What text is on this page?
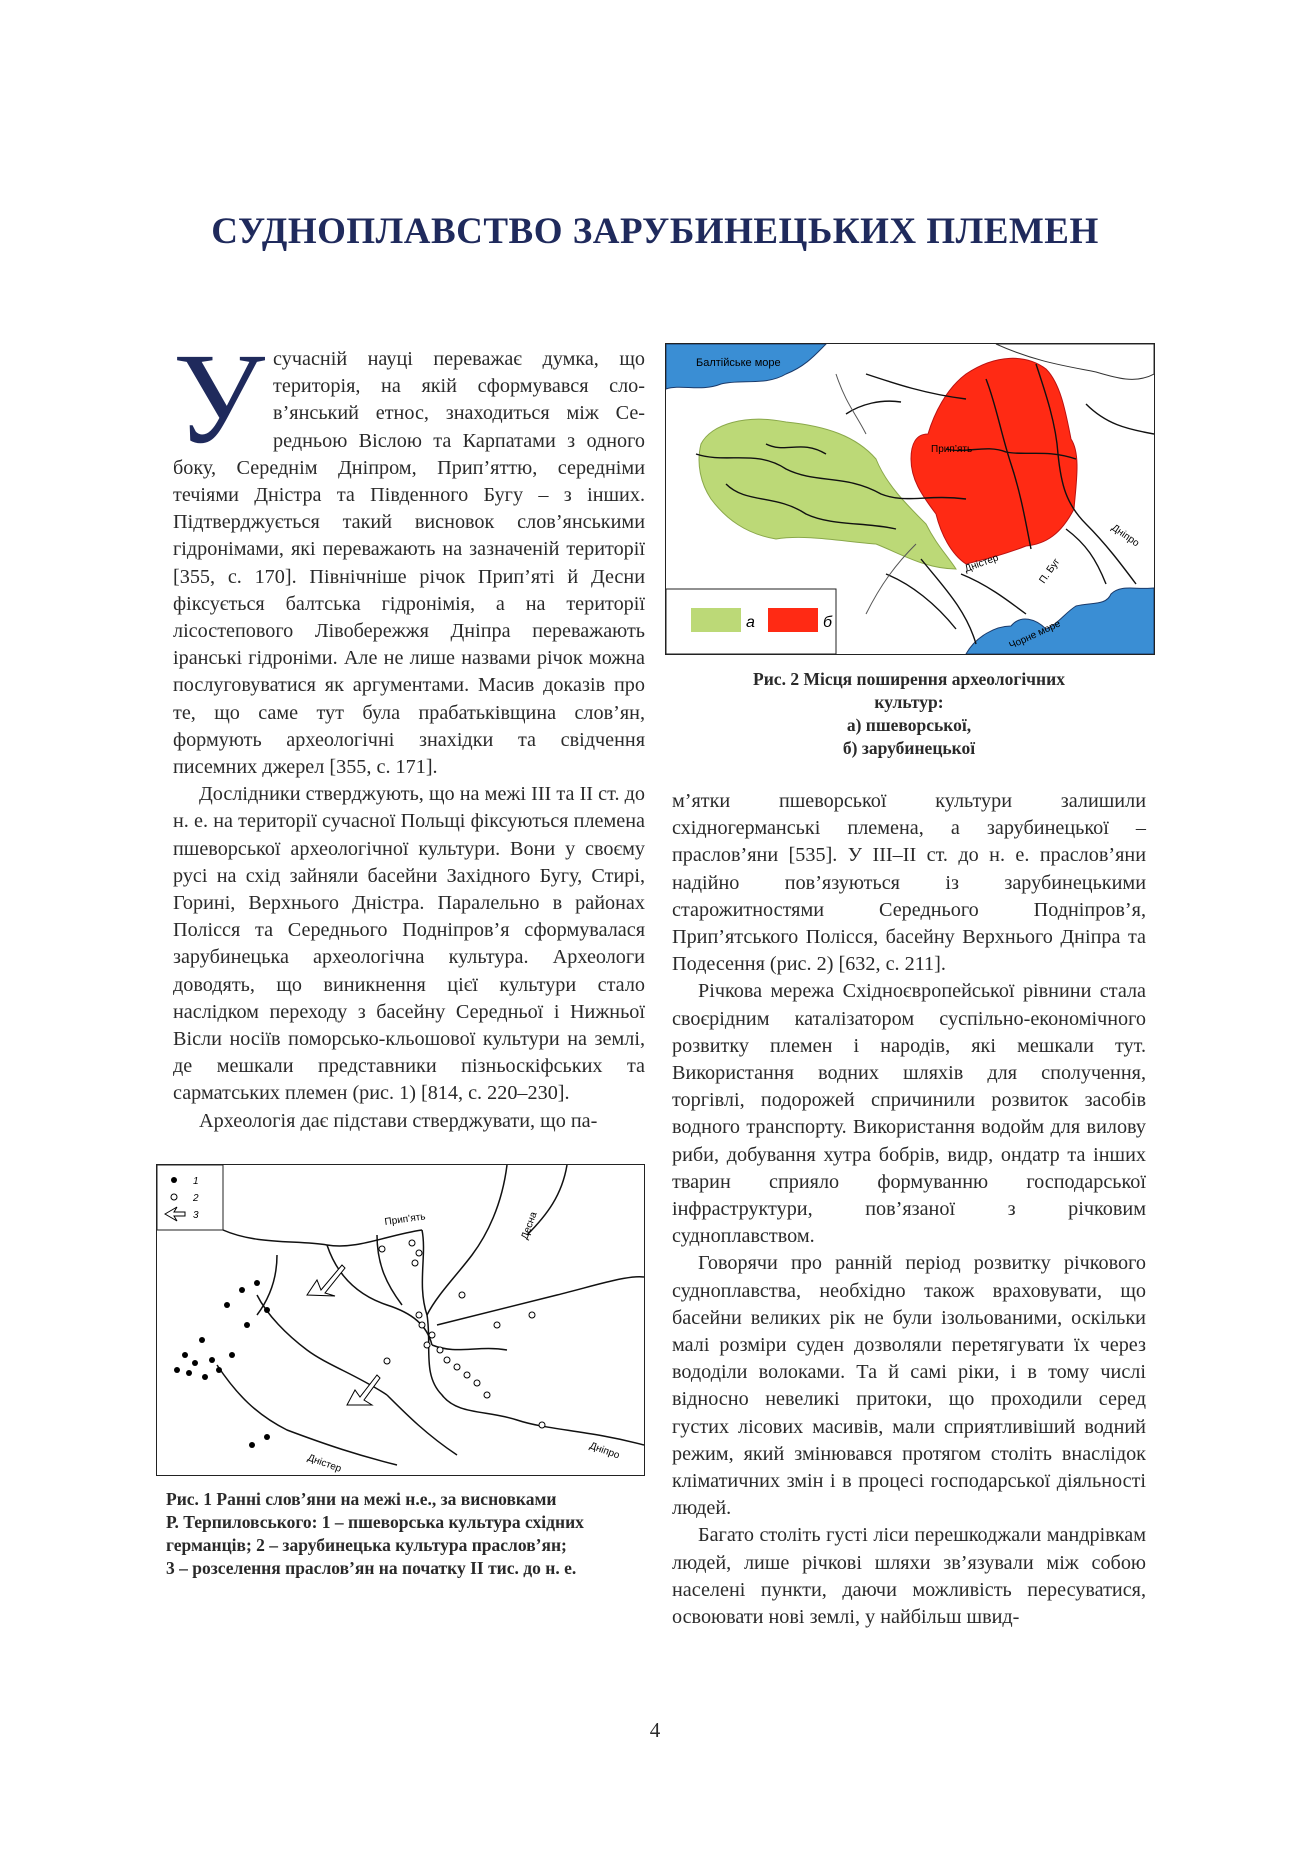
СУДНОПЛАВСТВО ЗАРУБИНЕЦЬКИХ ПЛЕМЕН

У сучасній науці переважає думка, що територія, на якій сформувався сло-в’янський етнос, знаходиться між Се-редньою Віслою та Карпатами з одного боку, Середнім Дніпром, Прип’яттю, середніми течіями Дністра та Південного Бугу – з інших. Підтверджується такий висновок слов’янськими гідронімами, які переважають на зазначеній території [355, с. 170]. Північніше річок Прип’яті й Десни фіксується балтська гідронімія, а на території лісостепового Лівобережжя Дніпра переважають іранські гідроніми. Але не лише назвами річок можна послуговуватися як аргументами. Масив доказів про те, що саме тут була прабатьківщина слов’ян, формують археологічні знахідки та свідчення писемних джерел [355, с. 171].

Дослідники стверджують, що на межі III та II ст. до н. е. на території сучасної Польщі фіксуються племена пшеворської археологічної культури. Вони у своєму русі на схід зайняли басейни Західного Бугу, Стирі, Горині, Верхнього Дністра. Паралельно в районах Полісся та Середнього Подніпров’я сформувалася зарубинецька археологічна культура. Археологи доводять, що виникнення цієї культури стало наслідком переходу з басейну Середньої і Нижньої Вісли носіїв поморсько-кльошової культури на землі, де мешкали представники пізньоскіфських та сарматських племен (рис. 1) [814, с. 220–230].

Археологія дає підстави стверджувати, що па-

Балтійське море
Прип’ять
Дніпро
Дністер	П. Буг
Чорне море
а	б
Рис. 2 Місця поширення археологічних
культур:
а) пшеворської,
б) зарубинецької

м’ятки пшеворської культури залишили східногерманські племена, а зарубинецької – праслов’яни [535]. У III–II ст. до н. е. праслов’яни надійно пов’язуються із зарубинецькими старожитностями Середнього Подніпров’я, Прип’ятського Полісся, басейну Верхнього Дніпра та Подесення (рис. 2) [632, с. 211].

Річкова мережа Східноєвропейської рівнини стала своєрідним каталізатором суспільно-економічного розвитку племен і народів, які мешкали тут. Використання водних шляхів для сполучення, торгівлі, подорожей спричинили розвиток засобів водного транспорту. Використання водойм для вилову риби, добування хутра бобрів, видр, ондатр та інших тварин сприяло формуванню господарської інфраструктури, пов’язаної з річковим судноплавством.

Говорячи про ранній період розвитку річкового судноплавства, необхідно також враховувати, що басейни великих рік не були ізольованими, оскільки малі розміри суден дозволяли перетягувати їх через вододіли волоками. Та й самі ріки, і в тому числі відносно невеликі притоки, що проходили серед густих лісових масивів, мали сприятливіший водний режим, який змінювався протягом століть внаслідок кліматичних змін і в процесі господарської діяльності людей.

Багато століть густі ліси перешкоджали мандрівкам людей, лише річкові шляхи зв’язували між собою населені пункти, даючи можливість пересуватися, освоювати нові землі, у найбільш швид-

1
2
3	Прип’ять	Десна
Дніпро
Дністер
Рис. 1 Ранні слов’яни на межі н.е., за висновками
Р. Терпиловського: 1 – пшеворська культура східних
германців; 2 – зарубинецька культура праслов’ян;
3 – розселення праслов’ян на початку II тис. до н. е.
4
